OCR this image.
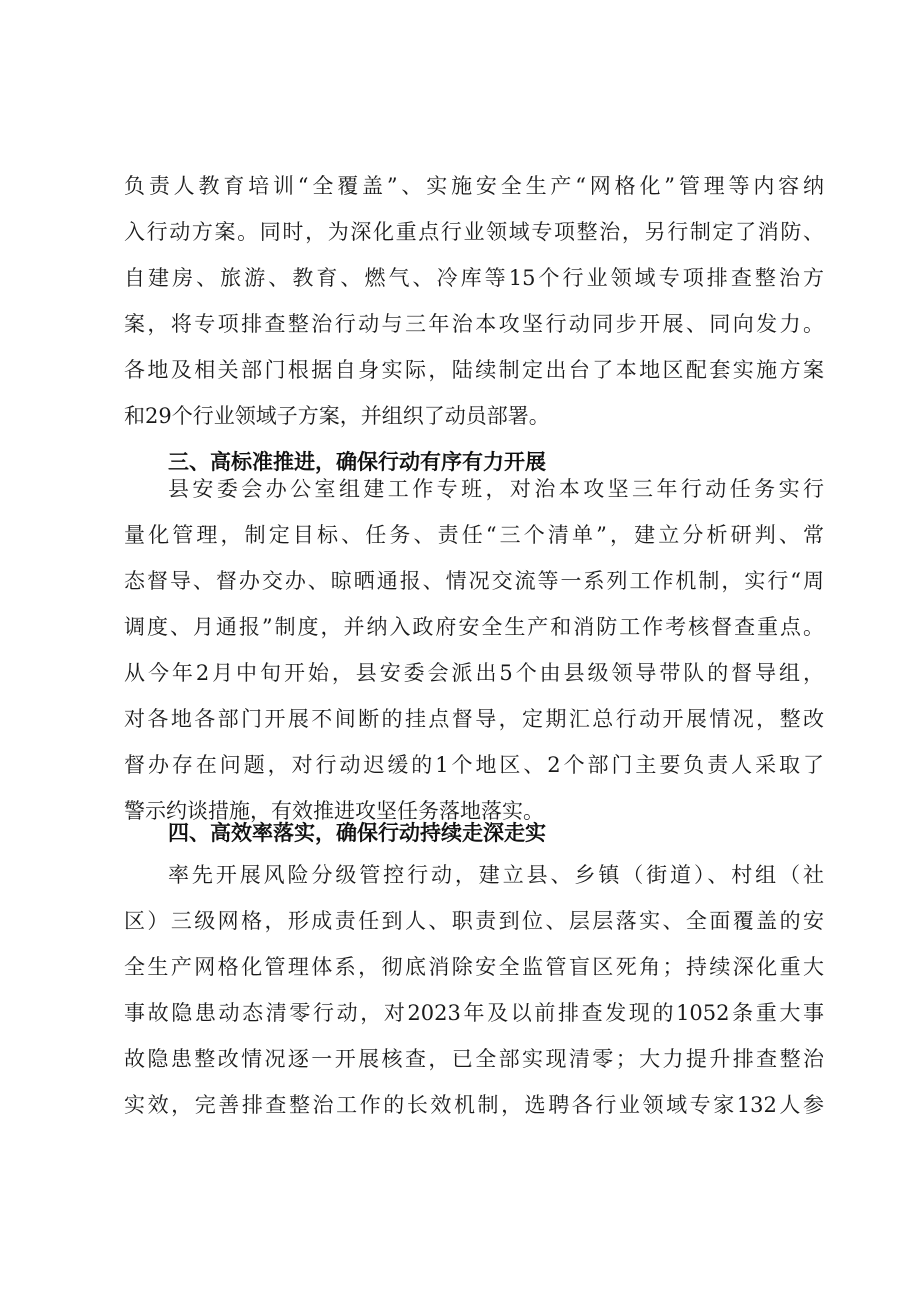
负责人教育培训“全覆盖”、实施安全生产“网格化”管理等内容纳
入行动方案。同时，为深化重点行业领域专项整治，另行制定了消防、
自建房、旅游、教育、燃气、冷库等15个行业领域专项排查整治方
案，将专项排查整治行动与三年治本攻坚行动同步开展、同向发力。
各地及相关部门根据自身实际，陆续制定出台了本地区配套实施方案
和29个行业领域子方案，并组织了动员部署。
三、高标准推进，确保行动有序有力开展
县安委会办公室组建工作专班，对治本攻坚三年行动任务实行
量化管理，制定目标、任务、责任“三个清单”，建立分析研判、常
态督导、督办交办、晾晒通报、情况交流等一系列工作机制，实行“周
调度、月通报”制度，并纳入政府安全生产和消防工作考核督查重点。
从今年2月中旬开始，县安委会派出5个由县级领导带队的督导组，
对各地各部门开展不间断的挂点督导，定期汇总行动开展情况，整改
督办存在问题，对行动迟缓的1个地区、2个部门主要负责人采取了
警示约谈措施，有效推进攻坚任务落地落实。
四、高效率落实，确保行动持续走深走实
率先开展风险分级管控行动，建立县、乡镇（街道）、村组（社
区）三级网格，形成责任到人、职责到位、层层落实、全面覆盖的安
全生产网格化管理体系，彻底消除安全监管盲区死角；持续深化重大
事故隐患动态清零行动，对2023年及以前排查发现的1052条重大事
故隐患整改情况逐一开展核查，已全部实现清零；大力提升排查整治
实效，完善排查整治工作的长效机制，选聘各行业领域专家132人参
